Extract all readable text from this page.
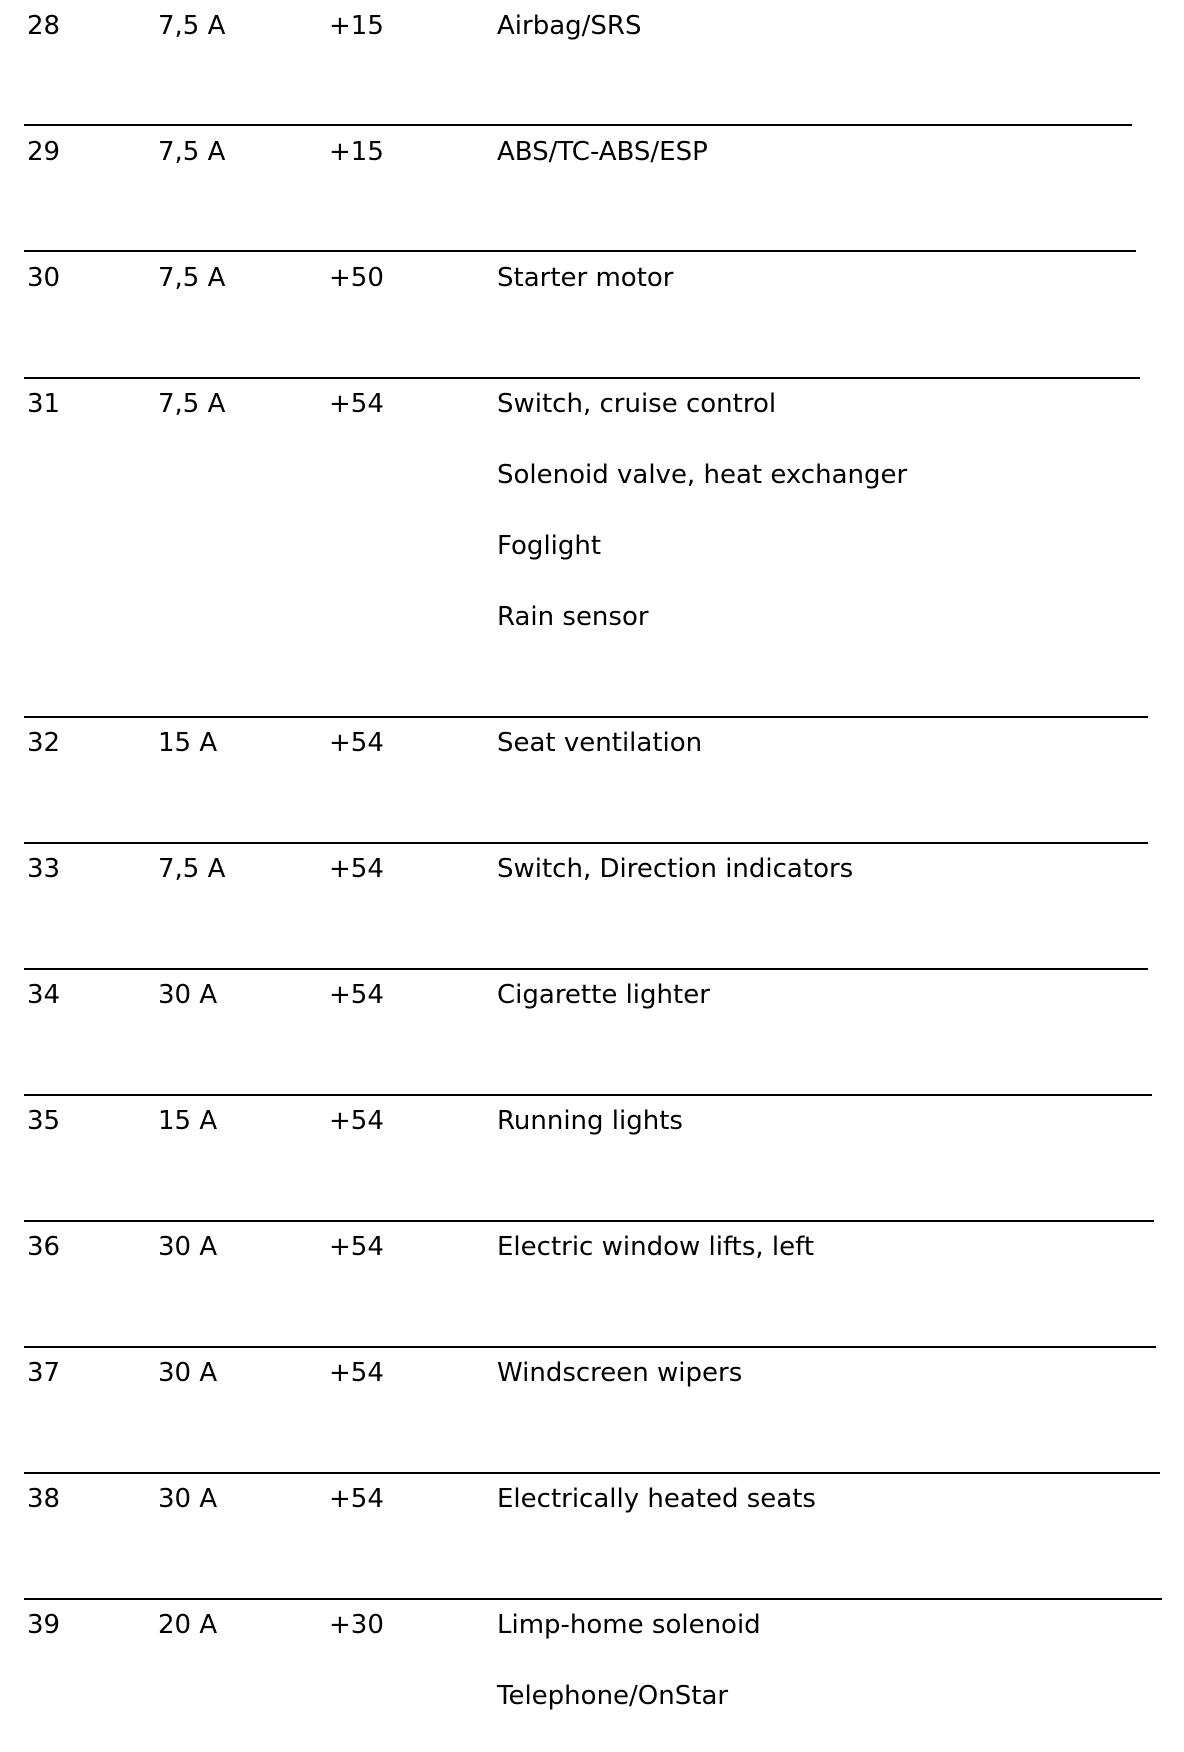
28	7,5 A	+15	Airbag/SRS
29	7,5 A	+15	ABS/TC-ABS/ESP
30	7,5 A	+50	Starter motor
31	7,5 A	+54	Switch, cruise control
Solenoid valve, heat exchanger
Foglight
Rain sensor
32	15 A	+54	Seat ventilation
33	7,5 A	+54	Switch, Direction indicators
34	30 A	+54	Cigarette lighter
35	15 A	+54	Running lights
36	30 A	+54	Electric window lifts, left
37	30 A	+54	Windscreen wipers
38	30 A	+54	Electrically heated seats
39	20 A	+30	Limp-home solenoid
Telephone/OnStar
